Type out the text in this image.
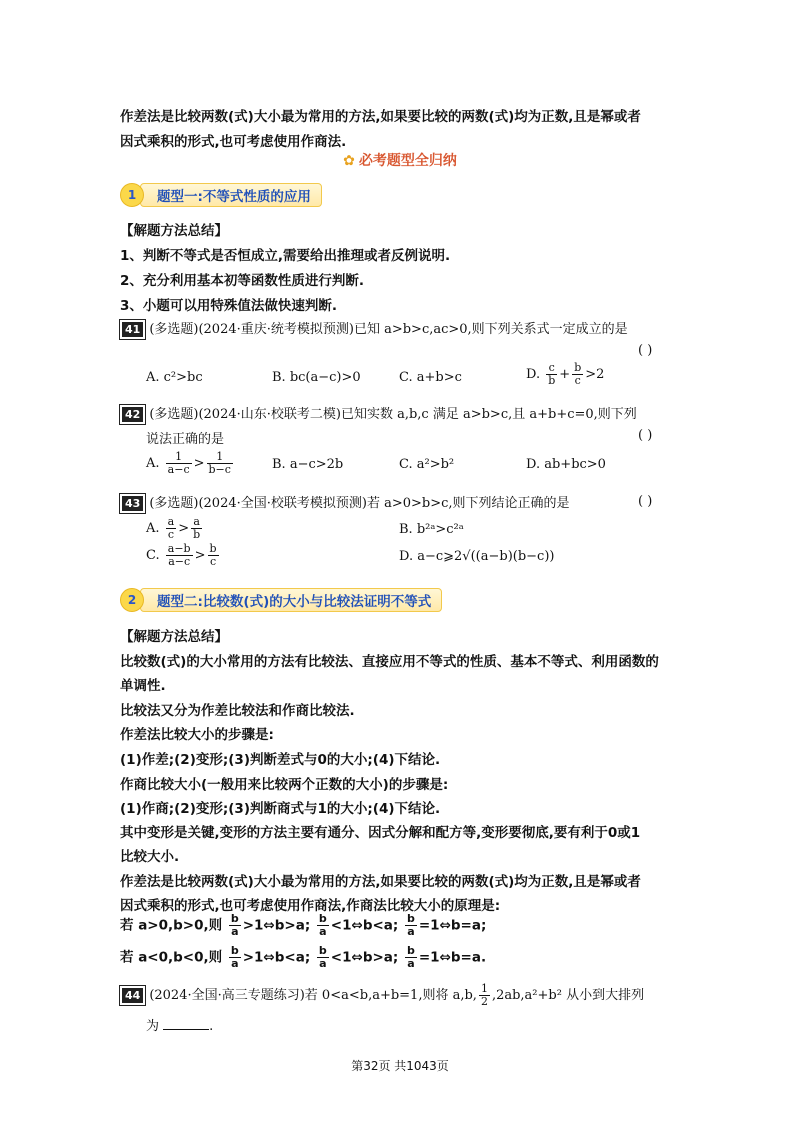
作差法是比较两数(式)大小最为常用的方法,如果要比较的两数(式)均为正数,且是幂或者
因式乘积的形式,也可考虑使用作商法.
✿ 必考题型全归纳
1	题型一:不等式性质的应用
【解题方法总结】
1、判断不等式是否恒成立,需要给出推理或者反例说明.
2、充分利用基本初等函数性质进行判断.
3、小题可以用特殊值法做快速判断.
41 (多选题)(2024·重庆·统考模拟预测)已知 a>b>c,ac>0,则下列关系式一定成立的是
( )
A. c²>bc	B. bc(a−c)>0	C. a+b>c	D. $\frac{c}{b} + \frac{b}{c} >2$
42 (多选题)(2024·山东·校联考二模)已知实数 a,b,c 满足 a>b>c,且 a+b+c=0,则下列
说法正确的是	( )
A. $\frac{1}{a-c} > \frac{1}{b-c}$	B. a−c>2b	C. a²>b²	D. ab+bc>0
43 (多选题)(2024·全国·校联考模拟预测)若 a>0>b>c,则下列结论正确的是	( )
A. $\frac{a}{c} > \frac{a}{b}$	B. b²ᵃ>c²ᵃ
C. $\frac{a-b}{a-c} > \frac{b}{c}$	D. a−c⩾2√((a−b)(b−c))
2	题型二:比较数(式)的大小与比较法证明不等式
【解题方法总结】
比较数(式)的大小常用的方法有比较法、直接应用不等式的性质、基本不等式、利用函数的
单调性.
比较法又分为作差比较法和作商比较法.
作差法比较大小的步骤是:
(1)作差;(2)变形;(3)判断差式与0的大小;(4)下结论.
作商比较大小(一般用来比较两个正数的大小)的步骤是:
(1)作商;(2)变形;(3)判断商式与1的大小;(4)下结论.
其中变形是关键,变形的方法主要有通分、因式分解和配方等,变形要彻底,要有利于0或1
比较大小.
作差法是比较两数(式)大小最为常用的方法,如果要比较的两数(式)均为正数,且是幂或者
因式乘积的形式,也可考虑使用作商法,作商法比较大小的原理是:
若 a>0,b>0,则 $\frac{b}{a}$ >1⇔b>a; $\frac{b}{a}$ <1⇔b<a; $\frac{b}{a}$ =1⇔b=a;
若 a<0,b<0,则 $\frac{b}{a}$ >1⇔b<a; $\frac{b}{a}$ <1⇔b>a; $\frac{b}{a}$ =1⇔b=a.
44 (2024·全国·高三专题练习)若 0<a<b,a+b=1,则将 a,b, $\frac{1}{2} ,2ab,a^2+b^2$ 从小到大排列
为	.
第32页 共1043页
